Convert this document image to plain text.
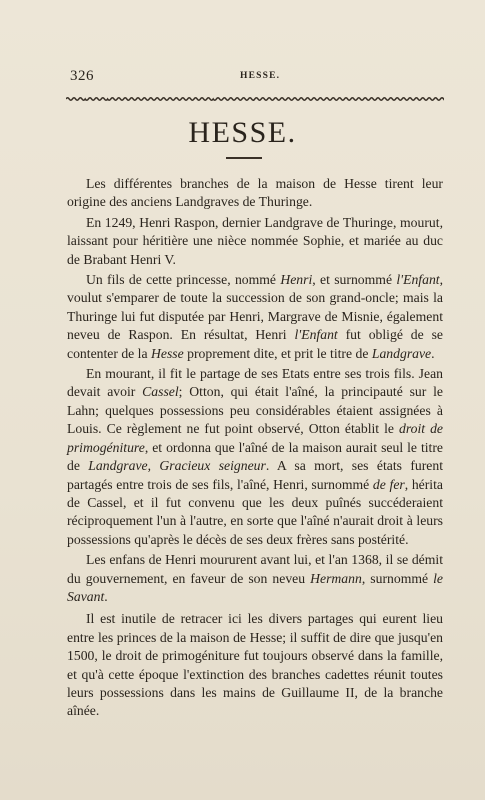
326	HESSE.
HESSE.

Les différentes branches de la maison de Hesse tirent leur origine des anciens Landgraves de Thuringe.

En 1249, Henri Raspon, dernier Landgrave de Thuringe, mourut, laissant pour héritière une nièce nommée Sophie, et mariée au duc de Brabant Henri V.

Un fils de cette princesse, nommé Henri, et surnommé l'Enfant, voulut s'emparer de toute la succession de son grand-oncle; mais la Thuringe lui fut disputée par Henri, Margrave de Misnie, également neveu de Raspon. En résultat, Henri l'Enfant fut obligé de se contenter de la Hesse proprement dite, et prit le titre de Landgrave.

En mourant, il fit le partage de ses Etats entre ses trois fils. Jean devait avoir Cassel; Otton, qui était l'aîné, la principauté sur le Lahn; quelques possessions peu considérables étaient assignées à Louis. Ce règlement ne fut point observé, Otton établit le droit de primogéniture, et ordonna que l'aîné de la maison aurait seul le titre de Landgrave, Gracieux seigneur. A sa mort, ses états furent partagés entre trois de ses fils, l'aîné, Henri, surnommé de fer, hérita de Cassel, et il fut convenu que les deux puînés succéderaient réciproquement l'un à l'autre, en sorte que l'aîné n'aurait droit à leurs possessions qu'après le décès de ses deux frères sans postérité.

Les enfans de Henri moururent avant lui, et l'an 1368, il se démit du gouvernement, en faveur de son neveu Hermann, surnommé le Savant.

Il est inutile de retracer ici les divers partages qui eurent lieu entre les princes de la maison de Hesse; il suffit de dire que jusqu'en 1500, le droit de primogéniture fut toujours observé dans la famille, et qu'à cette époque l'extinction des branches cadettes réunit toutes leurs possessions dans les mains de Guillaume II, de la branche aînée.
